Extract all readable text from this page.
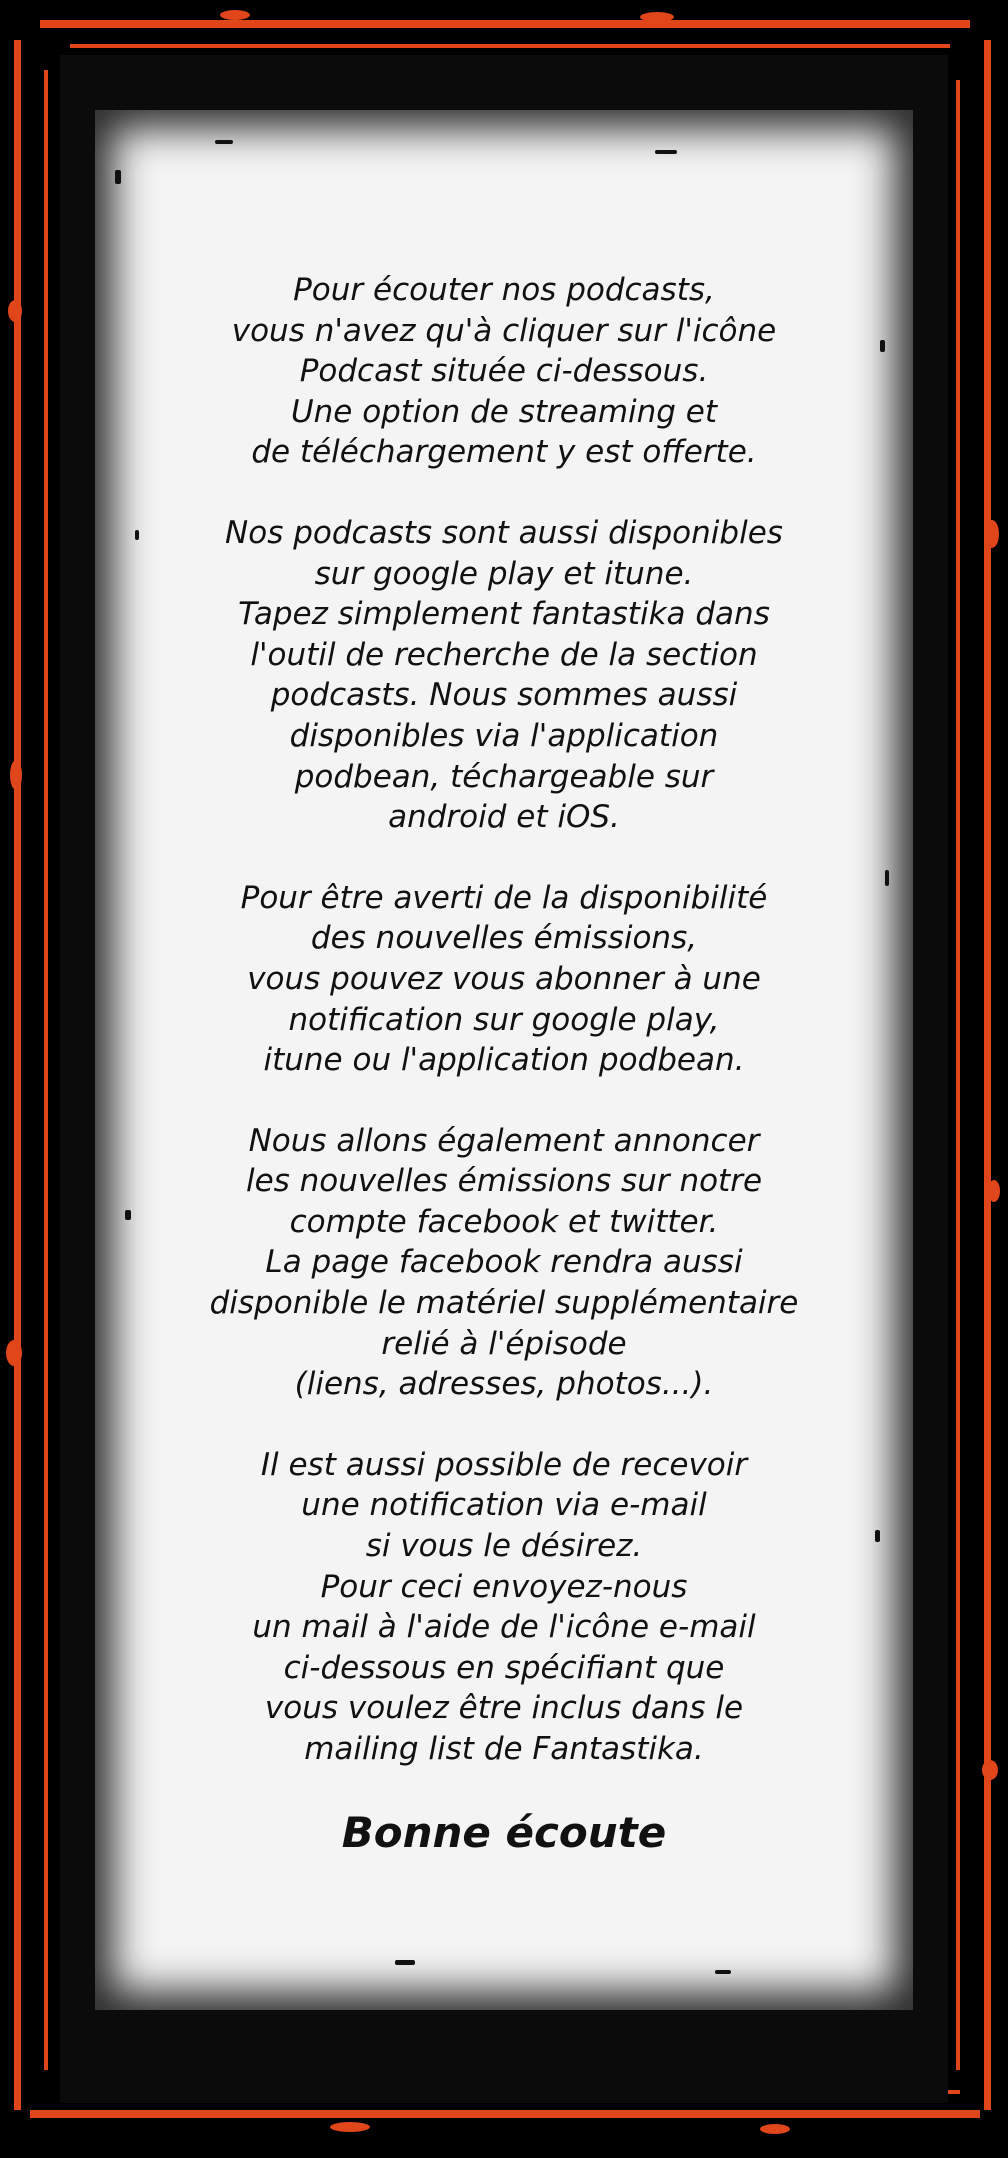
Pour écouter nos podcasts,
vous n'avez qu'à cliquer sur l'icône
Podcast située ci-dessous.
Une option de streaming et
de téléchargement y est offerte.

Nos podcasts sont aussi disponibles
sur google play et itune.
Tapez simplement fantastika dans
l'outil de recherche de la section
podcasts. Nous sommes aussi
disponibles via l'application
podbean, téchargeable sur
android et iOS.

Pour être averti de la disponibilité
des nouvelles émissions,
vous pouvez vous abonner à une
notification sur google play,
itune ou l'application podbean.

Nous allons également annoncer
les nouvelles émissions sur notre
compte facebook et twitter.
La page facebook rendra aussi
disponible le matériel supplémentaire
relié à l'épisode
(liens, adresses, photos...).

Il est aussi possible de recevoir
une notification via e-mail
si vous le désirez.
Pour ceci envoyez-nous
un mail à l'aide de l'icône e-mail
ci-dessous en spécifiant que
vous voulez être inclus dans le
mailing list de Fantastika.

Bonne écoute
